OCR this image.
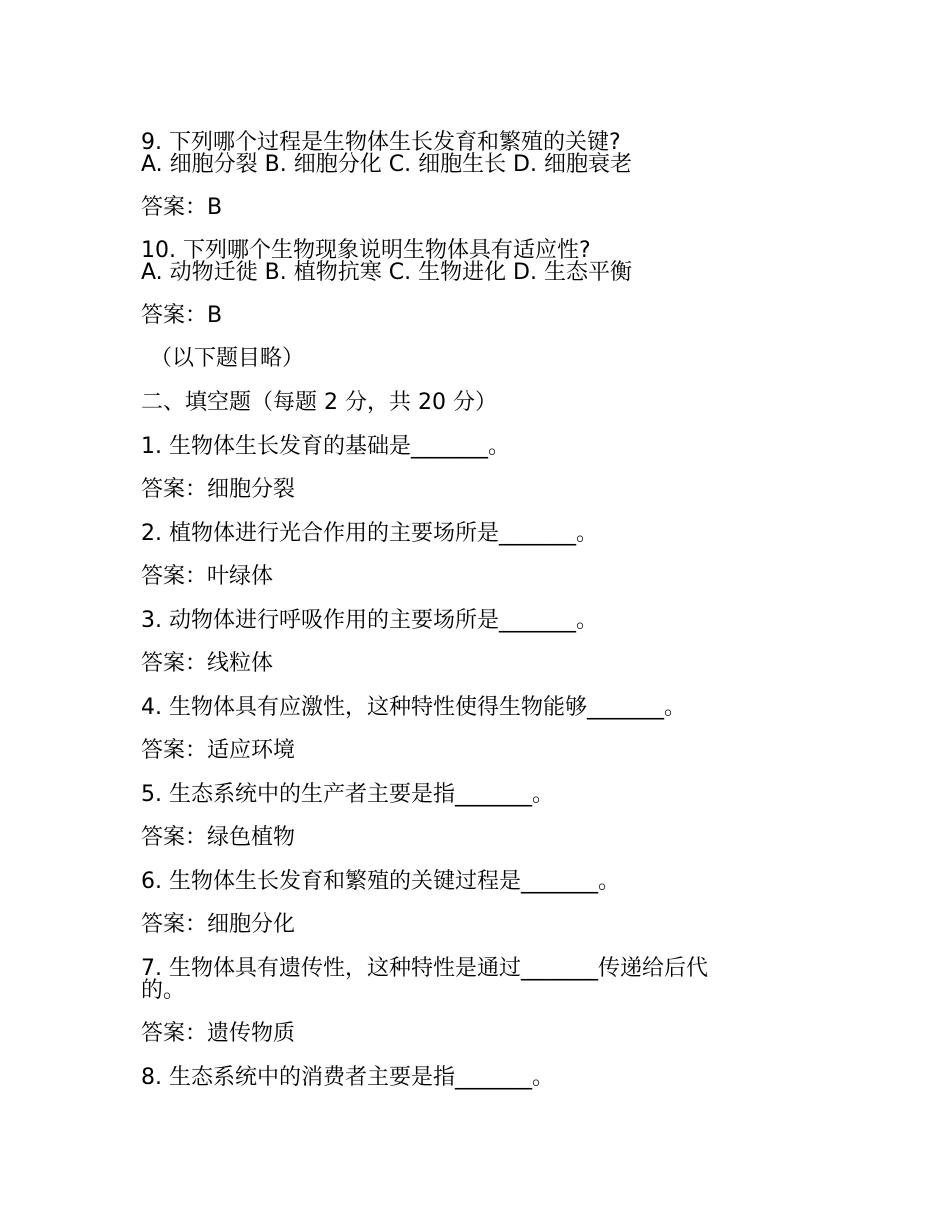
9. 下列哪个过程是生物体生长发育和繁殖的关键?
A. 细胞分裂 B. 细胞分化 C. 细胞生长 D. 细胞衰老
答案：B
10. 下列哪个生物现象说明生物体具有适应性?
A. 动物迁徙 B. 植物抗寒 C. 生物进化 D. 生态平衡
答案：B
（以下题目略）
二、填空题（每题 2 分，共 20 分）
1. 生物体生长发育的基础是_______。
答案：细胞分裂
2. 植物体进行光合作用的主要场所是_______。
答案：叶绿体
3. 动物体进行呼吸作用的主要场所是_______。
答案：线粒体
4. 生物体具有应激性，这种特性使得生物能够_______。
答案：适应环境
5. 生态系统中的生产者主要是指_______。
答案：绿色植物
6. 生物体生长发育和繁殖的关键过程是_______。
答案：细胞分化
7. 生物体具有遗传性，这种特性是通过_______传递给后代
的。
答案：遗传物质
8. 生态系统中的消费者主要是指_______。
